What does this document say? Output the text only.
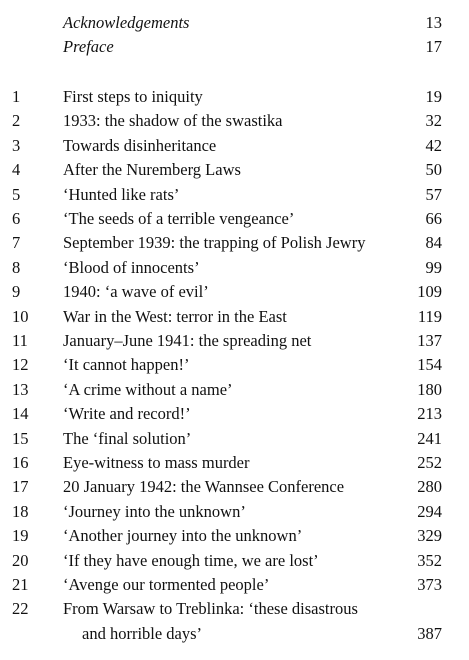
Acknowledgements	13
Preface	17
1	First steps to iniquity	19
2	1933: the shadow of the swastika	32
3	Towards disinheritance	42
4	After the Nuremberg Laws	50
5	‘Hunted like rats’	57
6	‘The seeds of a terrible vengeance’	66
7	September 1939: the trapping of Polish Jewry	84
8	‘Blood of innocents’	99
9	1940: ‘a wave of evil’	109
10	War in the West: terror in the East	119
11	January–June 1941: the spreading net	137
12	‘It cannot happen!’	154
13	‘A crime without a name’	180
14	‘Write and record!’	213
15	The ‘final solution’	241
16	Eye-witness to mass murder	252
17	20 January 1942: the Wannsee Conference	280
18	‘Journey into the unknown’	294
19	‘Another journey into the unknown’	329
20	‘If they have enough time, we are lost’	352
21	‘Avenge our tormented people’	373
22	From Warsaw to Treblinka: ‘these disastrous
and horrible days’	387
